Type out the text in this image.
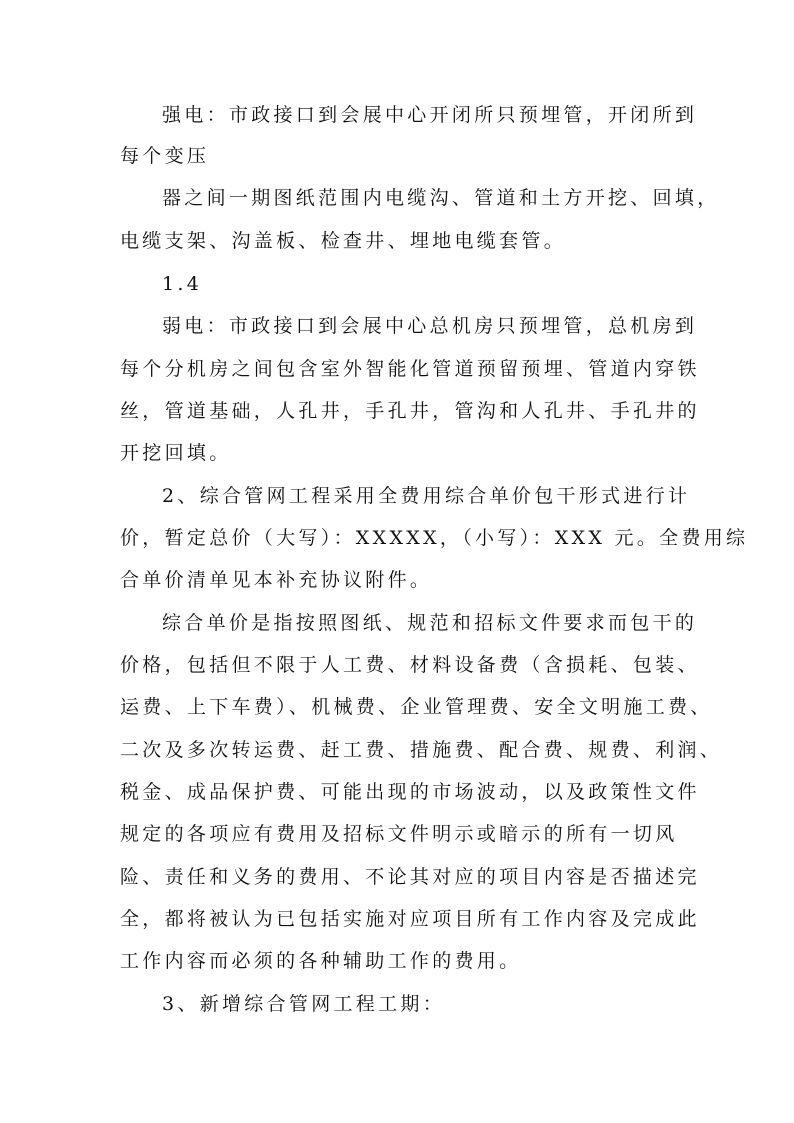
强电：市政接口到会展中心开闭所只预埋管，开闭所到

每个变压

器之间一期图纸范围内电缆沟、管道和土方开挖、回填，

电缆支架、沟盖板、检查井、埋地电缆套管。

1.4

弱电：市政接口到会展中心总机房只预埋管，总机房到

每个分机房之间包含室外智能化管道预留预埋、管道内穿铁

丝，管道基础，人孔井，手孔井，管沟和人孔井、手孔井的

开挖回填。

2、综合管网工程采用全费用综合单价包干形式进行计

价，暂定总价（大写）：XXXXX，（小写）：XXX 元。全费用综

合单价清单见本补充协议附件。

综合单价是指按照图纸、规范和招标文件要求而包干的

价格，包括但不限于人工费、材料设备费（含损耗、包装、

运费、上下车费）、机械费、企业管理费、安全文明施工费、

二次及多次转运费、赶工费、措施费、配合费、规费、利润、

税金、成品保护费、可能出现的市场波动，以及政策性文件

规定的各项应有费用及招标文件明示或暗示的所有一切风

险、责任和义务的费用、不论其对应的项目内容是否描述完

全，都将被认为已包括实施对应项目所有工作内容及完成此

工作内容而必须的各种辅助工作的费用。

3、新增综合管网工程工期：
